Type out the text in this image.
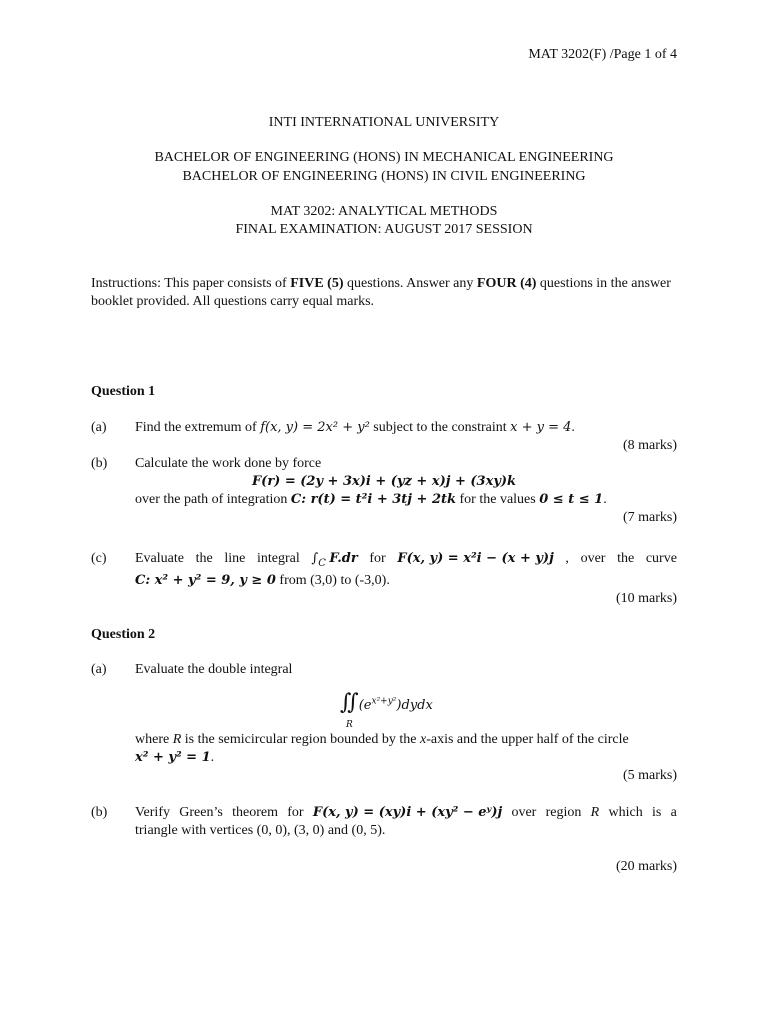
MAT 3202(F) /Page 1 of 4
INTI INTERNATIONAL UNIVERSITY
BACHELOR OF ENGINEERING (HONS) IN MECHANICAL ENGINEERING
BACHELOR OF ENGINEERING (HONS) IN CIVIL ENGINEERING
MAT 3202: ANALYTICAL METHODS
FINAL EXAMINATION: AUGUST 2017 SESSION
Instructions: This paper consists of FIVE (5) questions. Answer any FOUR (4) questions in the answer booklet provided. All questions carry equal marks.
Question 1
(a) Find the extremum of f(x, y) = 2x² + y² subject to the constraint x + y = 4.
(8 marks)
(b) Calculate the work done by force
F(r) = (2y + 3x)i + (yz + x)j + (3xy)k
over the path of integration C: r(t) = t²i + 3tj + 2tk for the values 0 ≤ t ≤ 1.
(7 marks)
(c) Evaluate the line integral $\int_C$ F.dr for F(x, y) = x²i − (x + y)j , over the curve
C: x² + y² = 9, y ≥ 0 from (3,0) to (-3,0).
(10 marks)
Question 2
(a) Evaluate the double integral
$∬(e^{x^2+y^2})dydx$
R
where R is the semicircular region bounded by the x-axis and the upper half of the circle
x² + y² = 1.
(5 marks)
(b) Verify Green’s theorem for F(x, y) = (xy)i + (xy² − eʸ)j over region R which is a
triangle with vertices (0, 0), (3, 0) and (0, 5).
(20 marks)
